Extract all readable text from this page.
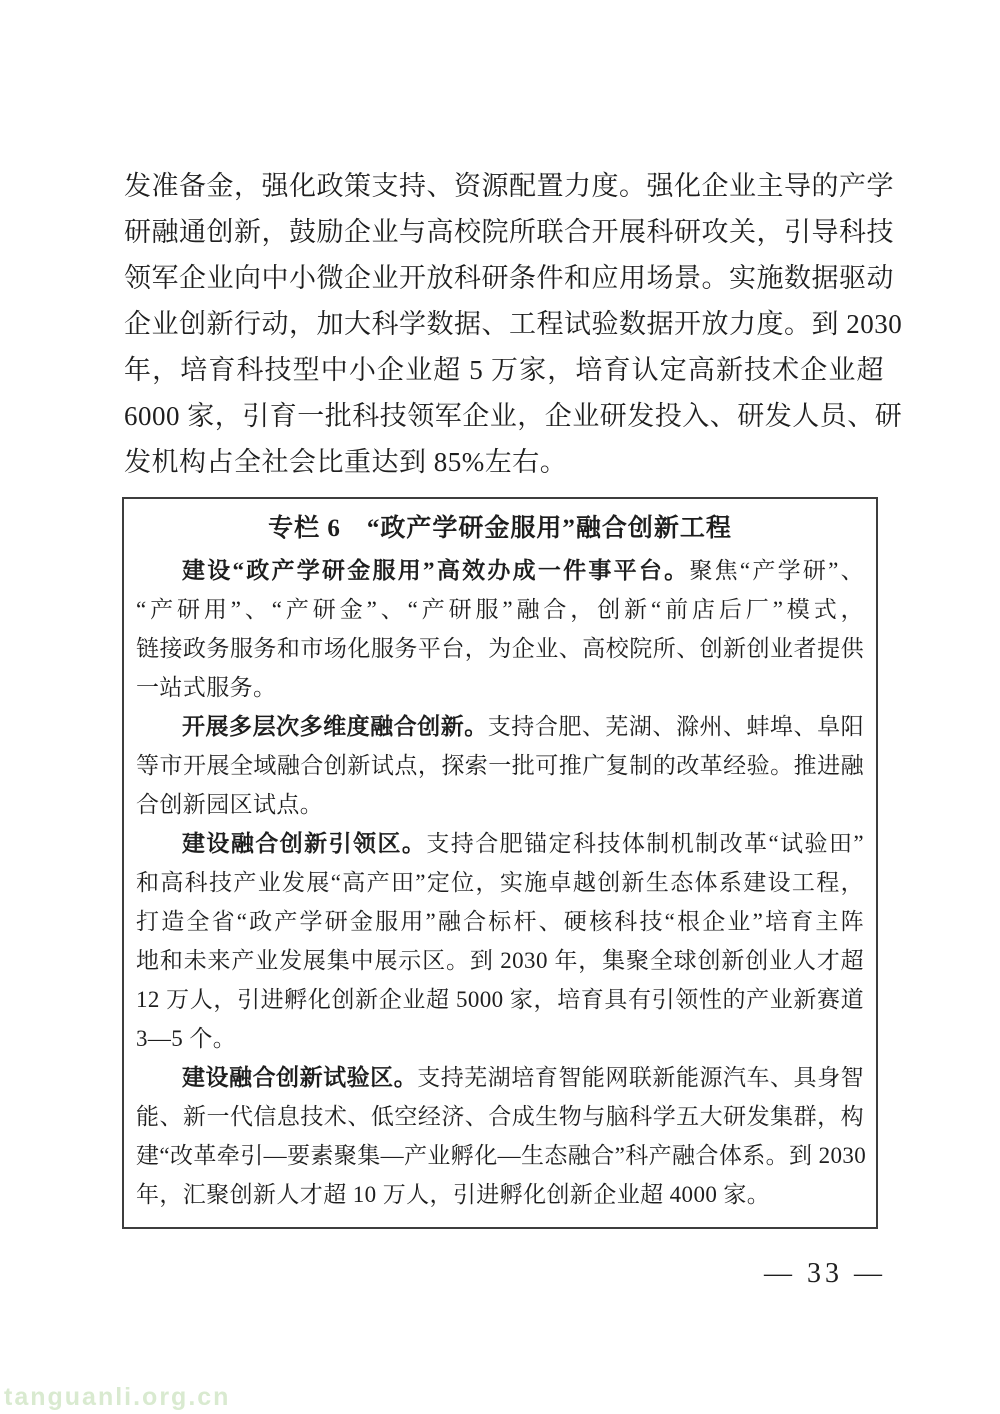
发准备金，强化政策支持、资源配置力度。强化企业主导的产学
研融通创新，鼓励企业与高校院所联合开展科研攻关，引导科技
领军企业向中小微企业开放科研条件和应用场景。实施数据驱动
企业创新行动，加大科学数据、工程试验数据开放力度。到 2030
年，培育科技型中小企业超 5 万家，培育认定高新技术企业超
6000 家，引育一批科技领军企业，企业研发投入、研发人员、研
发机构占全社会比重达到 85%左右。
专栏 6　“政产学研金服用”融合创新工程
建设“政产学研金服用”高效办成一件事平台。聚焦“产学研”、
“产研用”、“产研金”、“产研服”融合，创新“前店后厂”模式，
链接政务服务和市场化服务平台，为企业、高校院所、创新创业者提供
一站式服务。
开展多层次多维度融合创新。支持合肥、芜湖、滁州、蚌埠、阜阳
等市开展全域融合创新试点，探索一批可推广复制的改革经验。推进融
合创新园区试点。
建设融合创新引领区。支持合肥锚定科技体制机制改革“试验田”
和高科技产业发展“高产田”定位，实施卓越创新生态体系建设工程，
打造全省“政产学研金服用”融合标杆、硬核科技“根企业”培育主阵
地和未来产业发展集中展示区。到 2030 年，集聚全球创新创业人才超
12 万人，引进孵化创新企业超 5000 家，培育具有引领性的产业新赛道
3—5 个。
建设融合创新试验区。支持芜湖培育智能网联新能源汽车、具身智
能、新一代信息技术、低空经济、合成生物与脑科学五大研发集群，构
建“改革牵引—要素聚集—产业孵化—生态融合”科产融合体系。到 2030
年，汇聚创新人才超 10 万人，引进孵化创新企业超 4000 家。
— 33 —
tanguanli.org.cn
